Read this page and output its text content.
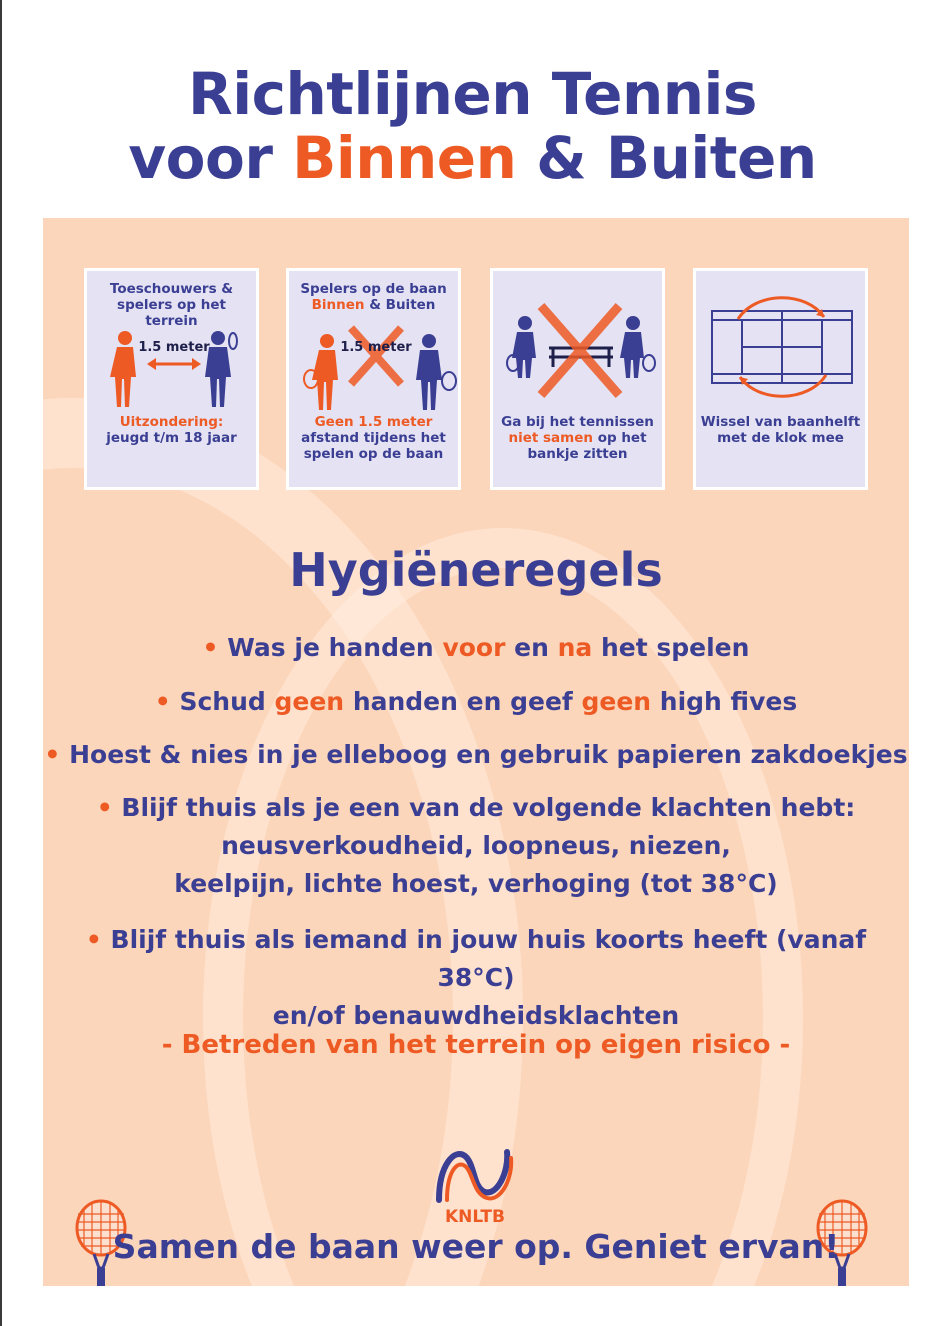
Richtlijnen Tennis
voor Binnen & Buiten
Toeschouwers & spelers op het terrein
1.5 meter
Uitzondering:
jeugd t/m 18 jaar
Spelers op de baan
Binnen & Buiten
1.5 meter
Geen 1.5 meter
afstand tijdens het spelen op de baan
Ga bij het tennissen
niet samen op het bankje zitten
Wissel van baanhelft met de klok mee
Hygiëneregels
• Was je handen voor en na het spelen
• Schud geen handen en geef geen high fives
• Hoest & nies in je elleboog en gebruik papieren zakdoekjes
• Blijf thuis als je een van de volgende klachten hebt:
neusverkoudheid, loopneus, niezen,
keelpijn, lichte hoest, verhoging (tot 38°C)
• Blijf thuis als iemand in jouw huis koorts heeft (vanaf 38°C)
en/of benauwdheidsklachten
- Betreden van het terrein op eigen risico -
KNLTB
Samen de baan weer op. Geniet ervan!
